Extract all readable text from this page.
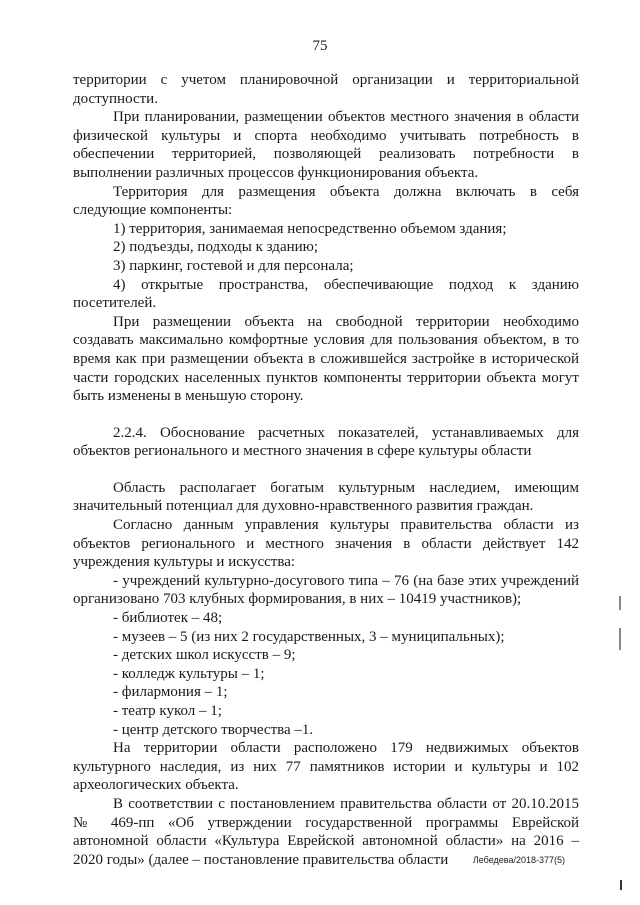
75

территории с учетом планировочной организации и территориальной доступности.

При планировании, размещении объектов местного значения в области физической культуры и спорта необходимо учитывать потребность в обеспечении территорией, позволяющей реализовать потребности в выполнении различных процессов функционирования объекта.

Территория для размещения объекта должна включать в себя следующие компоненты:

1) территория, занимаемая непосредственно объемом здания;

2) подъезды, подходы к зданию;

3) паркинг, гостевой и для персонала;

4) открытые пространства, обеспечивающие подход к зданию посетителей.

При размещении объекта на свободной территории необходимо создавать максимально комфортные условия для пользования объектом, в то время как при размещении объекта в сложившейся застройке в исторической части городских населенных пунктов компоненты территории объекта могут быть изменены в меньшую сторону.

2.2.4. Обоснование расчетных показателей, устанавливаемых для объектов регионального и местного значения в сфере культуры области

Область располагает богатым культурным наследием, имеющим значительный потенциал для духовно-нравственного развития граждан.

Согласно данным управления культуры правительства области из объектов регионального и местного значения в области действует 142 учреждения культуры и искусства:

- учреждений культурно-досугового типа – 76 (на базе этих учреждений организовано 703 клубных формирования, в них – 10419 участников);

- библиотек – 48;

- музеев – 5 (из них 2 государственных, 3 – муниципальных);

- детских школ искусств – 9;

- колледж культуры – 1;

- филармония – 1;

- театр кукол – 1;

- центр детского творчества –1.

На территории области расположено 179 недвижимых объектов культурного наследия, из них 77 памятников истории и культуры и 102 археологических объекта.

В соответствии с постановлением правительства области от 20.10.2015 № 469-пп «Об утверждении государственной программы Еврейской автономной области «Культура Еврейской автономной области» на 2016 – 2020 годы» (далее – постановление правительства области	Лебедева/2018-377(5)
